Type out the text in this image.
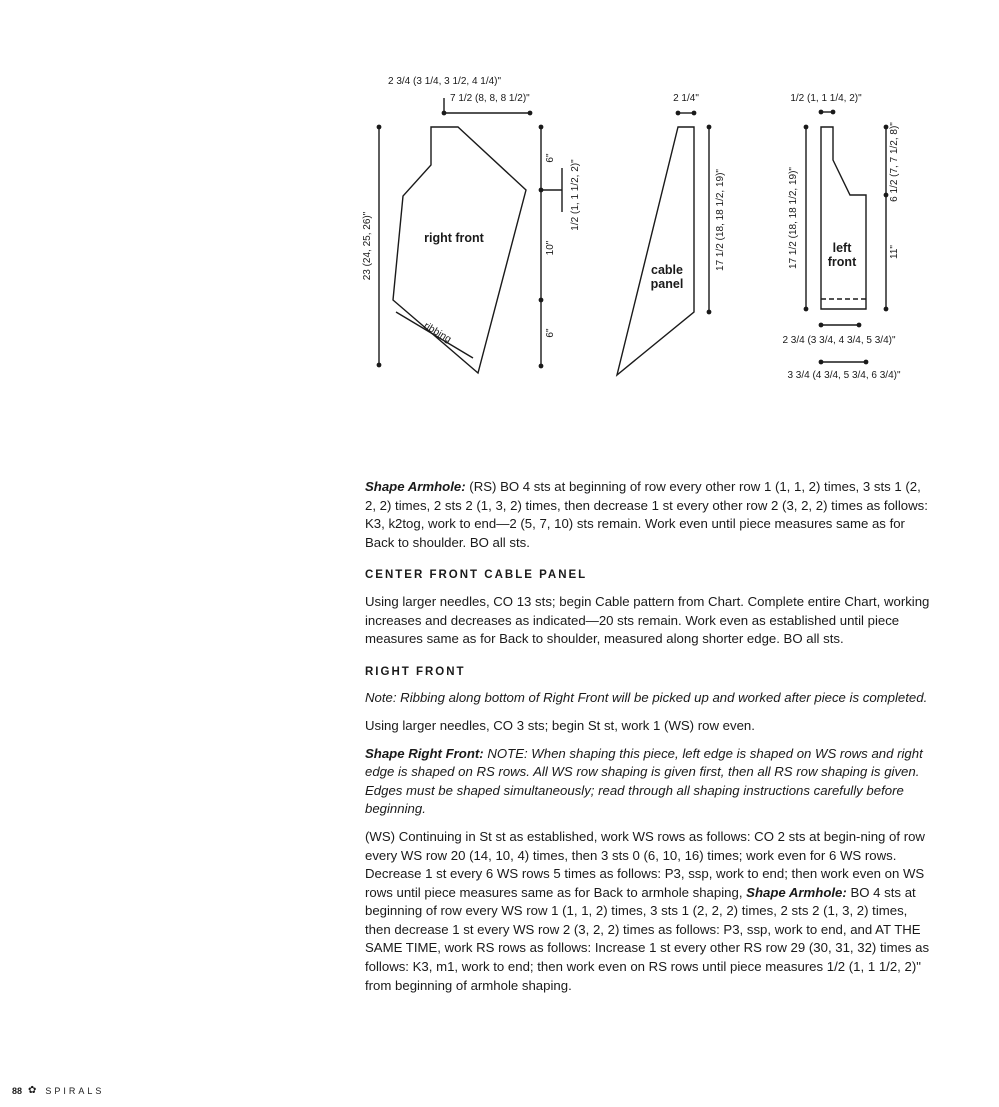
2 3/4 (3 1/4, 3 1/2, 4 1/4)"
7 1/2 (8, 8, 8 1/2)"
23 (24, 25, 26)"
6"
10"
6"
1/2 (1, 1 1/2, 2)"
right front
ribbing
2 1/4"
17 1/2 (18, 18 1/2, 19)"
cable
panel
1/2 (1, 1 1/4, 2)"
17 1/2 (18, 18 1/2, 19)"
6 1/2 (7, 7 1/2, 8)"
11"
left
front
2 3/4 (3 3/4, 4 3/4, 5 3/4)"
3 3/4 (4 3/4, 5 3/4, 6 3/4)"

Shape Armhole: (RS) BO 4 sts at beginning of row every other row 1 (1, 1, 2) times, 3 sts 1 (2, 2, 2) times, 2 sts 2 (1, 3, 2) times, then decrease 1 st every other row 2 (3, 2, 2) times as follows: K3, k2tog, work to end—2 (5, 7, 10) sts remain. Work even until piece measures same as for Back to shoulder. BO all sts.

CENTER FRONT CABLE PANEL

Using larger needles, CO 13 sts; begin Cable pattern from Chart. Complete entire Chart, working increases and decreases as indicated—20 sts remain. Work even as established until piece measures same as for Back to shoulder, measured along shorter edge. BO all sts.

RIGHT FRONT

Note: Ribbing along bottom of Right Front will be picked up and worked after piece is completed.

Using larger needles, CO 3 sts; begin St st, work 1 (WS) row even.

Shape Right Front: NOTE: When shaping this piece, left edge is shaped on WS rows and right edge is shaped on RS rows. All WS row shaping is given first, then all RS row shaping is given. Edges must be shaped simultaneously; read through all shaping instructions carefully before beginning.

(WS) Continuing in St st as established, work WS rows as follows: CO 2 sts at begin-ning of row every WS row 20 (14, 10, 4) times, then 3 sts 0 (6, 10, 16) times; work even for 6 WS rows. Decrease 1 st every 6 WS rows 5 times as follows: P3, ssp, work to end; then work even on WS rows until piece measures same as for Back to armhole shaping, Shape Armhole: BO 4 sts at beginning of row every WS row 1 (1, 1, 2) times, 3 sts 1 (2, 2, 2) times, 2 sts 2 (1, 3, 2) times, then decrease 1 st every WS row 2 (3, 2, 2) times as follows: P3, ssp, work to end, and AT THE SAME TIME, work RS rows as follows: Increase 1 st every other RS row 29 (30, 31, 32) times as follows: K3, m1, work to end; then work even on RS rows until piece measures 1/2 (1, 1 1/2, 2)" from beginning of armhole shaping.

88 ✿ SPIRALS
